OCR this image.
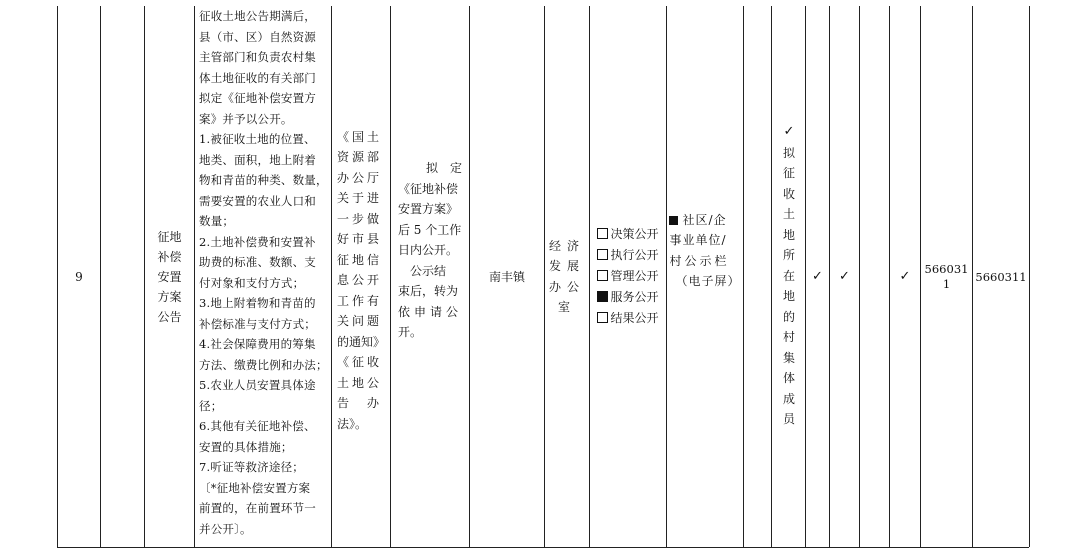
9
征地
补偿
安置
方案
公告
征收土地公告期满后，
县（市、区）自然资源
主管部门和负责农村集
体土地征收的有关部门
拟定《征地补偿安置方
案》并予以公开。
1.被征收土地的位置、
地类、面积，地上附着
物和青苗的种类、数量，
需要安置的农业人口和
数量；
2.土地补偿费和安置补
助费的标准、数额、支
付对象和支付方式；
3.地上附着物和青苗的
补偿标准与支付方式；
4.社会保障费用的筹集
方法、缴费比例和办法；
5.农业人员安置具体途
径；
6.其他有关征地补偿、
安置的具体措施；
7.听证等救济途径；
〔*征地补偿安置方案
前置的，在前置环节一
并公开〕。
《国土
资源部
办公厅
关于进
一步做
好市县
征地信
息公开
工作有
关问题
的通知》
《征收
土地公
告　办
法》。
拟　定
《征地补偿
安置方案》
后 5 个工作
日内公开。
　公示结
束后，转为
依申请公
开。
南丰镇
经济
发展
办公
室
决策公开
执行公开
管理公开
服务公开
结果公开
社区/企
事业单位/
村公示栏
（电子屏）
✓
拟
征
收
土
地
所
在
地
的
村
集
体
成
员
✓ ✓	✓ 566031
1	5660311
